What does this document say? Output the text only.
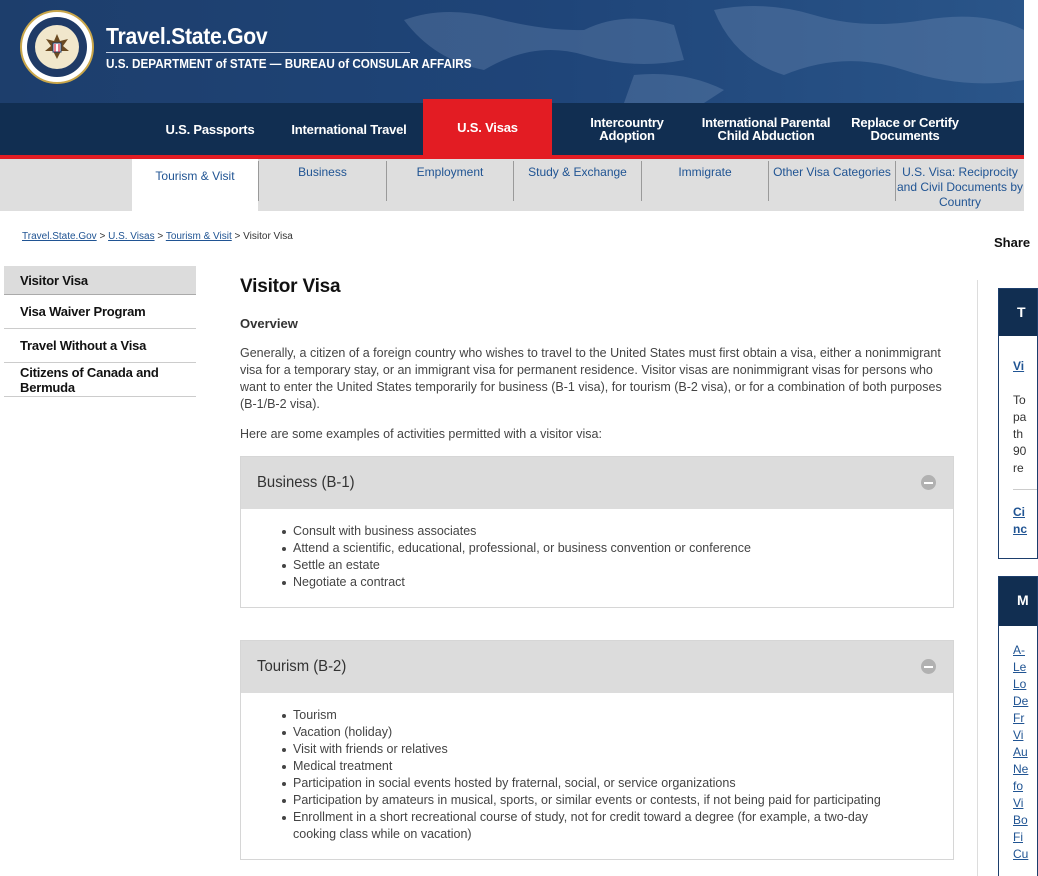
Travel.State.Gov
U.S. DEPARTMENT of STATE — BUREAU of CONSULAR AFFAIRS
U.S. Passports	International Travel	U.S. Visas	Intercountry Adoption
International Parental Child Abduction
Replace or Certify Documents
Tourism & Visit	Business	Employment	Study & Exchange	Immigrate	Other Visa Categories U.S. Visa: Reciprocity and Civil Documents by Country
Travel.State.Gov > U.S. Visas > Tourism & Visit > Visitor Visa	Share
Visitor Visa
Visa Waiver Program
Travel Without a Visa
Citizens of Canada and Bermuda
Visitor Visa
Overview
Generally, a citizen of a foreign country who wishes to travel to the United States must first obtain a visa, either a nonimmigrant visa for a temporary stay, or an immigrant visa for permanent residence. Visitor visas are nonimmigrant visas for persons who want to enter the United States temporarily for business (B-1 visa), for tourism (B-2 visa), or for a combination of both purposes (B-1/B-2 visa).
Here are some examples of activities permitted with a visitor visa:
Business (B-1)
Consult with business associates
Attend a scientific, educational, professional, or business convention or conference
Settle an estate
Negotiate a contract
Tourism (B-2)
Tourism
Vacation (holiday)
Visit with friends or relatives
Medical treatment
Participation in social events hosted by fraternal, social, or service organizations
Participation by amateurs in musical, sports, or similar events or contests, if not being paid for participating
Enrollment in a short recreational course of study, not for credit toward a degree (for example, a two-day cooking class while on vacation)
T
Vi
To
pa
th
90
re
Ci
nc
M
A-
Le
Lo
De
Fr
Vi
Au
Ne
fo
Vi
Bo
Fi
Cu
